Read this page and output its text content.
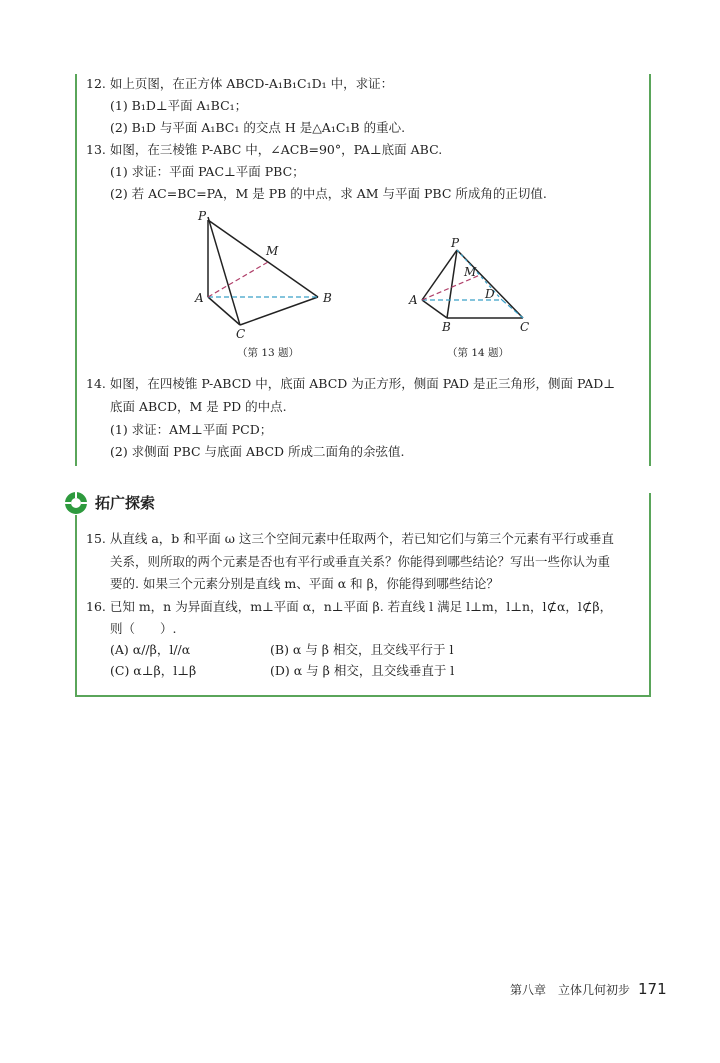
12. 如上页图，在正方体 ABCD-A₁B₁C₁D₁ 中，求证：
(1) B₁D⊥平面 A₁BC₁；
(2) B₁D 与平面 A₁BC₁ 的交点 H 是△A₁C₁B 的重心.
13. 如图，在三棱锥 P-ABC 中，∠ACB=90°，PA⊥底面 ABC.
(1) 求证：平面 PAC⊥平面 PBC；
(2) 若 AC=BC=PA，M 是 PB 的中点，求 AM 与平面 PBC 所成角的正切值.
P
M
A	B
C
（第 13 题）
P
M
A	D
B	C
（第 14 题）
14. 如图，在四棱锥 P-ABCD 中，底面 ABCD 为正方形，侧面 PAD 是正三角形，侧面 PAD⊥
底面 ABCD，M 是 PD 的中点.
(1) 求证：AM⊥平面 PCD；
(2) 求侧面 PBC 与底面 ABCD 所成二面角的余弦值.
拓广探索
15. 从直线 a，b 和平面 ω 这三个空间元素中任取两个，若已知它们与第三个元素有平行或垂直
关系，则所取的两个元素是否也有平行或垂直关系？你能得到哪些结论？写出一些你认为重
要的. 如果三个元素分别是直线 m、平面 α 和 β，你能得到哪些结论？
16. 已知 m，n 为异面直线，m⊥平面 α，n⊥平面 β. 若直线 l 满足 l⊥m，l⊥n，l⊄α，l⊄β，
则（　　）.
(A) α//β，l//α	(B) α 与 β 相交，且交线平行于 l
(C) α⊥β，l⊥β	(D) α 与 β 相交，且交线垂直于 l
第八章　立体几何初步 171
